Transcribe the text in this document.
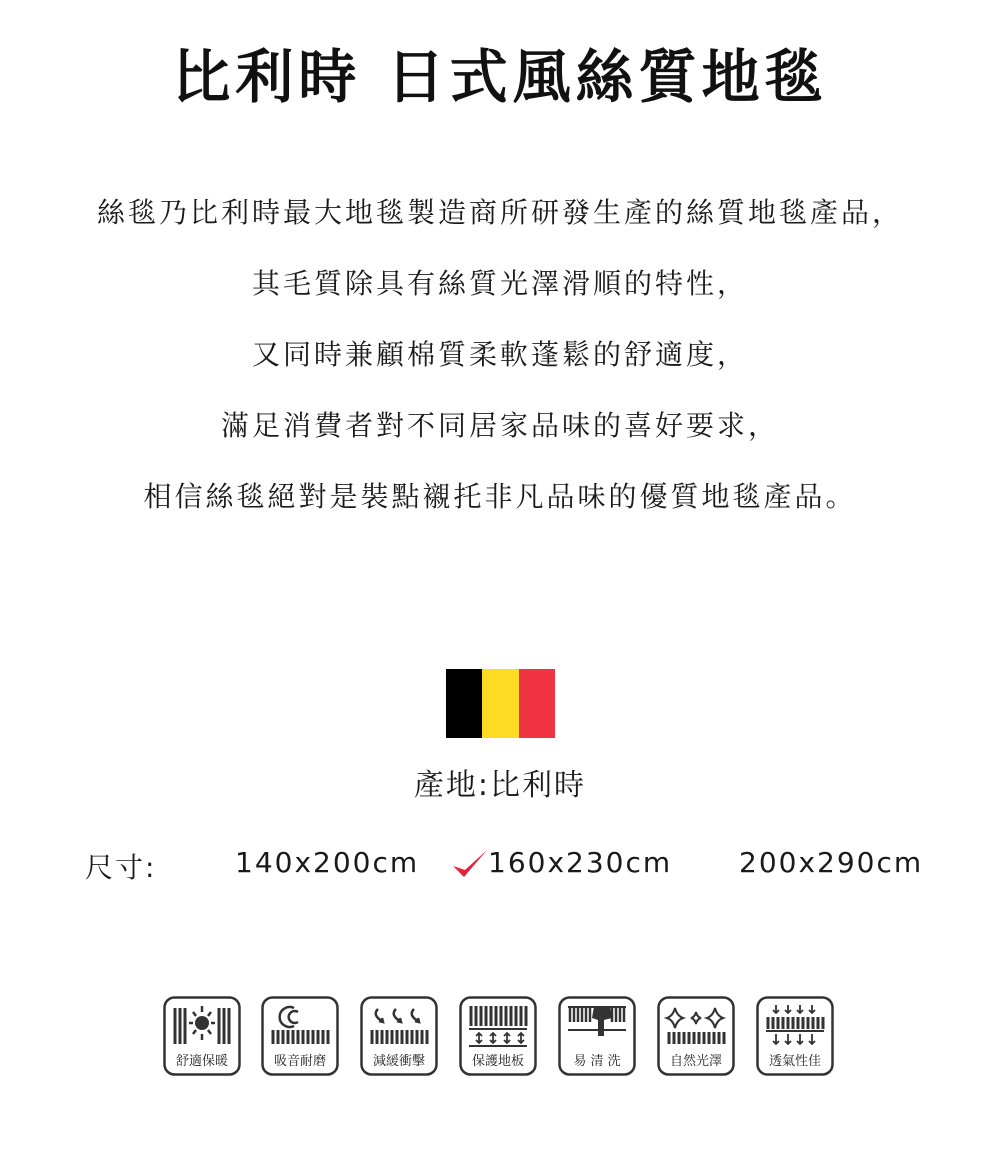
比利時 日式風絲質地毯
絲毯乃比利時最大地毯製造商所研發生產的絲質地毯產品，
其毛質除具有絲質光澤滑順的特性，
又同時兼顧棉質柔軟蓬鬆的舒適度，
滿足消費者對不同居家品味的喜好要求，
相信絲毯絕對是裝點襯托非凡品味的優質地毯產品。
產地:比利時
尺寸:	140x200cm 160x230cm 200x290cm
舒適保暖	吸音耐磨	減緩衝擊	保護地板	易 清 洗	自然光澤	透氣性佳
